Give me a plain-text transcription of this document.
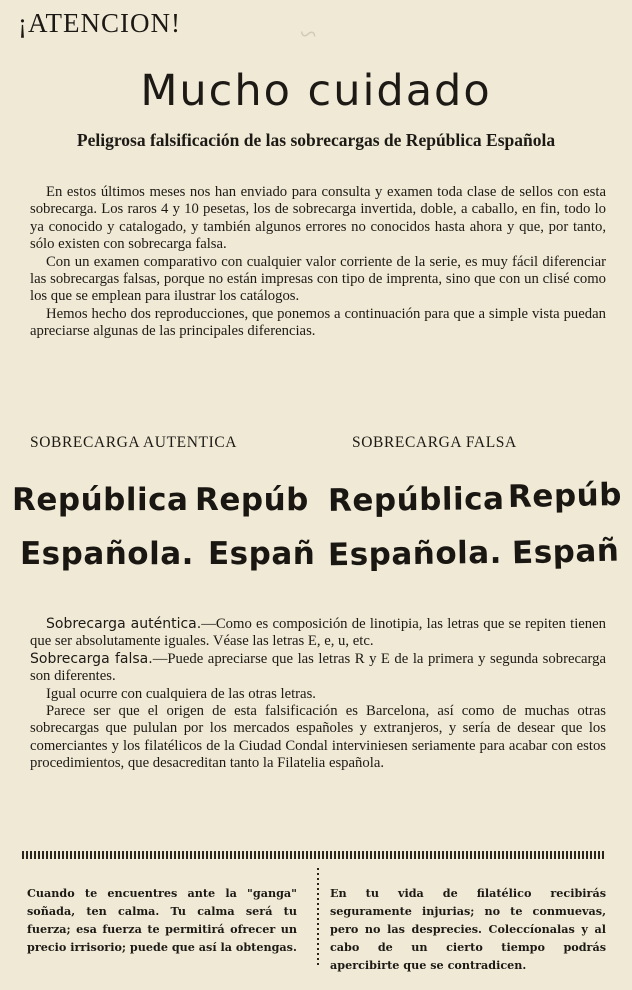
~
¡ATENCION!
Mucho cuidado
Peligrosa falsificación de las sobrecargas de República Española

En estos últimos meses nos han enviado para consulta y examen toda clase de sellos con esta sobrecarga. Los raros 4 y 10 pesetas, los de sobrecarga invertida, doble, a caballo, en fin, todo lo ya conocido y catalogado, y también algunos errores no conocidos hasta ahora y que, por tanto, sólo existen con sobrecarga falsa.

Con un examen comparativo con cualquier valor corriente de la serie, es muy fácil diferenciar las sobrecargas falsas, porque no están impresas con tipo de imprenta, sino que con un clisé como los que se emplean para ilustrar los catálogos.

Hemos hecho dos reproducciones, que ponemos a continuación para que a simple vista puedan apreciarse algunas de las principales diferencias.

SOBRECARGA AUTENTICA	SOBRECARGA FALSA
República Repúb República Repúb
Española. Españ Española. Españ

Sobrecarga auténtica.—Como es composición de linotipia, las letras que se repiten tienen que ser absolutamente iguales. Véase las letras E, e, u, etc.

Sobrecarga falsa.—Puede apreciarse que las letras R y E de la primera y segunda sobrecarga son diferentes.

Igual ocurre con cualquiera de las otras letras.

Parece ser que el origen de esta falsificación es Barcelona, así como de muchas otras sobrecargas que pululan por los mercados españoles y extranjeros, y sería de desear que los comerciantes y los filatélicos de la Ciudad Condal interviniesen seriamente para acabar con estos procedimientos, que desacreditan tanto la Filatelia española.

Cuando te encuentres ante la "ganga" soñada, ten calma. Tu calma será tu fuerza; esa fuerza te permitirá ofrecer un precio irrisorio; puede que así la obtengas.
En tu vida de filatélico recibirás seguramente injurias; no te conmuevas, pero no las desprecies. Coleccíonalas y al cabo de un cierto tiempo podrás apercibirte que se contradicen.
